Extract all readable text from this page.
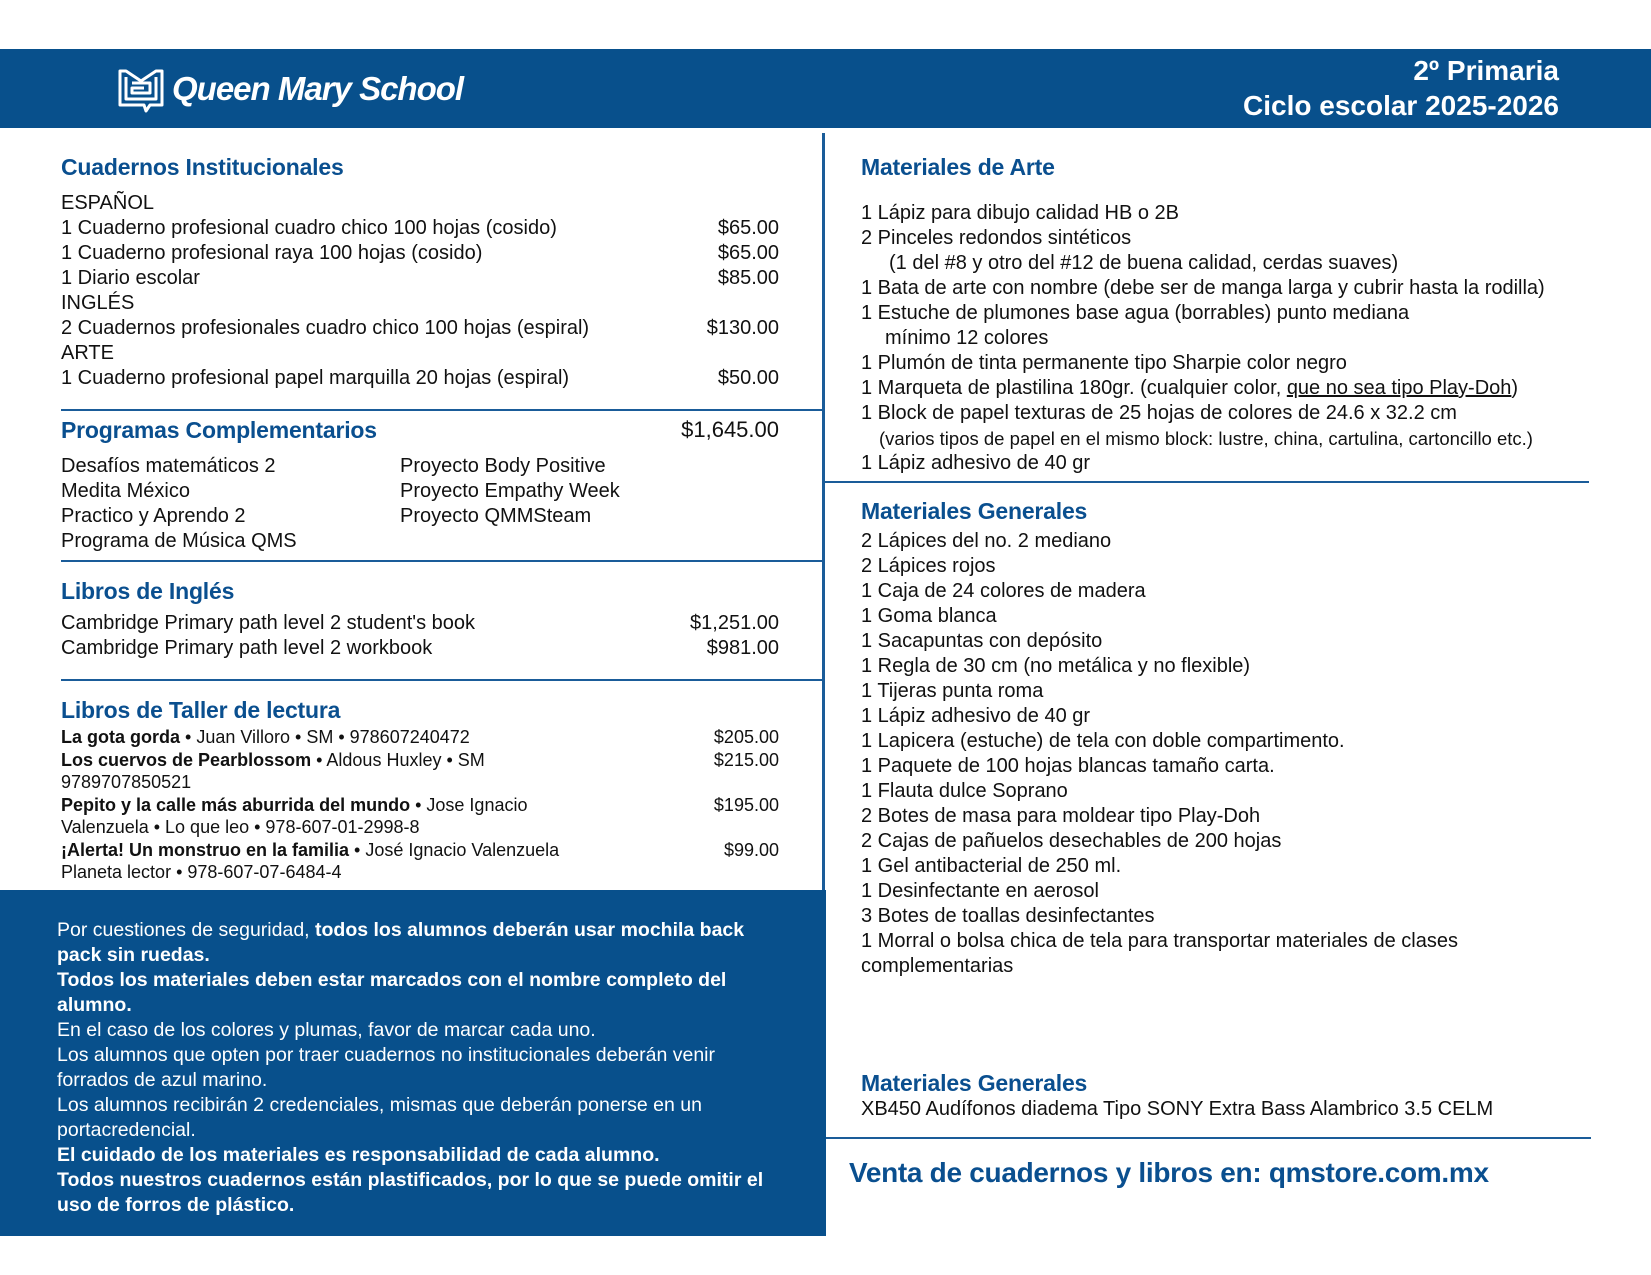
Queen Mary School	2º Primaria
Ciclo escolar 2025-2026
Cuadernos Institucionales
ESPAÑOL
1 Cuaderno profesional cuadro chico 100 hojas (cosido)	$65.00
1 Cuaderno profesional raya 100 hojas (cosido)	$65.00
1 Diario escolar	$85.00
INGLÉS
2 Cuadernos profesionales cuadro chico 100 hojas (espiral)	$130.00
ARTE
1 Cuaderno profesional papel marquilla 20 hojas (espiral)	$50.00
Programas Complementarios	$1,645.00
Desafíos matemáticos 2
Medita México
Practico y Aprendo 2
Programa de Música QMS
Proyecto Body Positive
Proyecto Empathy Week
Proyecto QMMSteam
Libros de Inglés
Cambridge Primary path level 2 student's book	$1,251.00
Cambridge Primary path level 2 workbook	$981.00
Libros de Taller de lectura
La gota gorda • Juan Villoro • SM • 978607240472	$205.00
Los cuervos de Pearblossom • Aldous Huxley • SM	$215.00
9789707850521
Pepito y la calle más aburrida del mundo • Jose Ignacio	$195.00
Valenzuela • Lo que leo • 978-607-01-2998-8
¡Alerta! Un monstruo en la familia • José Ignacio Valenzuela	$99.00
Planeta lector • 978-607-07-6484-4

Por cuestiones de seguridad, todos los alumnos deberán usar mochila back pack sin ruedas.

Todos los materiales deben estar marcados con el nombre completo del alumno.

En el caso de los colores y plumas, favor de marcar cada uno.

Los alumnos que opten por traer cuadernos no institucionales deberán venir forrados de azul marino.

Los alumnos recibirán 2 credenciales, mismas que deberán ponerse en un portacredencial.

El cuidado de los materiales es responsabilidad de cada alumno.

Todos nuestros cuadernos están plastificados, por lo que se puede omitir el uso de forros de plástico.

Materiales de Arte
1 Lápiz para dibujo calidad HB o 2B
2 Pinceles redondos sintéticos
(1 del #8 y otro del #12 de buena calidad, cerdas suaves)
1 Bata de arte con nombre (debe ser de manga larga y cubrir hasta la rodilla)
1 Estuche de plumones base agua (borrables) punto mediana
mínimo 12 colores
1 Plumón de tinta permanente tipo Sharpie color negro
1 Marqueta de plastilina 180gr. (cualquier color, que no sea tipo Play-Doh)
1 Block de papel texturas de 25 hojas de colores de 24.6 x 32.2 cm
(varios tipos de papel en el mismo block: lustre, china, cartulina, cartoncillo etc.)
1 Lápiz adhesivo de 40 gr
Materiales Generales
2 Lápices del no. 2 mediano
2 Lápices rojos
1 Caja de 24 colores de madera
1 Goma blanca
1 Sacapuntas con depósito
1 Regla de 30 cm (no metálica y no flexible)
1 Tijeras punta roma
1 Lápiz adhesivo de 40 gr
1 Lapicera (estuche) de tela con doble compartimento.
1 Paquete de 100 hojas blancas tamaño carta.
1 Flauta dulce Soprano
2 Botes de masa para moldear tipo Play-Doh
2 Cajas de pañuelos desechables de 200 hojas
1 Gel antibacterial de 250 ml.
1 Desinfectante en aerosol
3 Botes de toallas desinfectantes
1 Morral o bolsa chica de tela para transportar materiales de clases complementarias
Materiales Generales
XB450 Audífonos diadema Tipo SONY Extra Bass Alambrico 3.5 CELM
Venta de cuadernos y libros en: qmstore.com.mx
